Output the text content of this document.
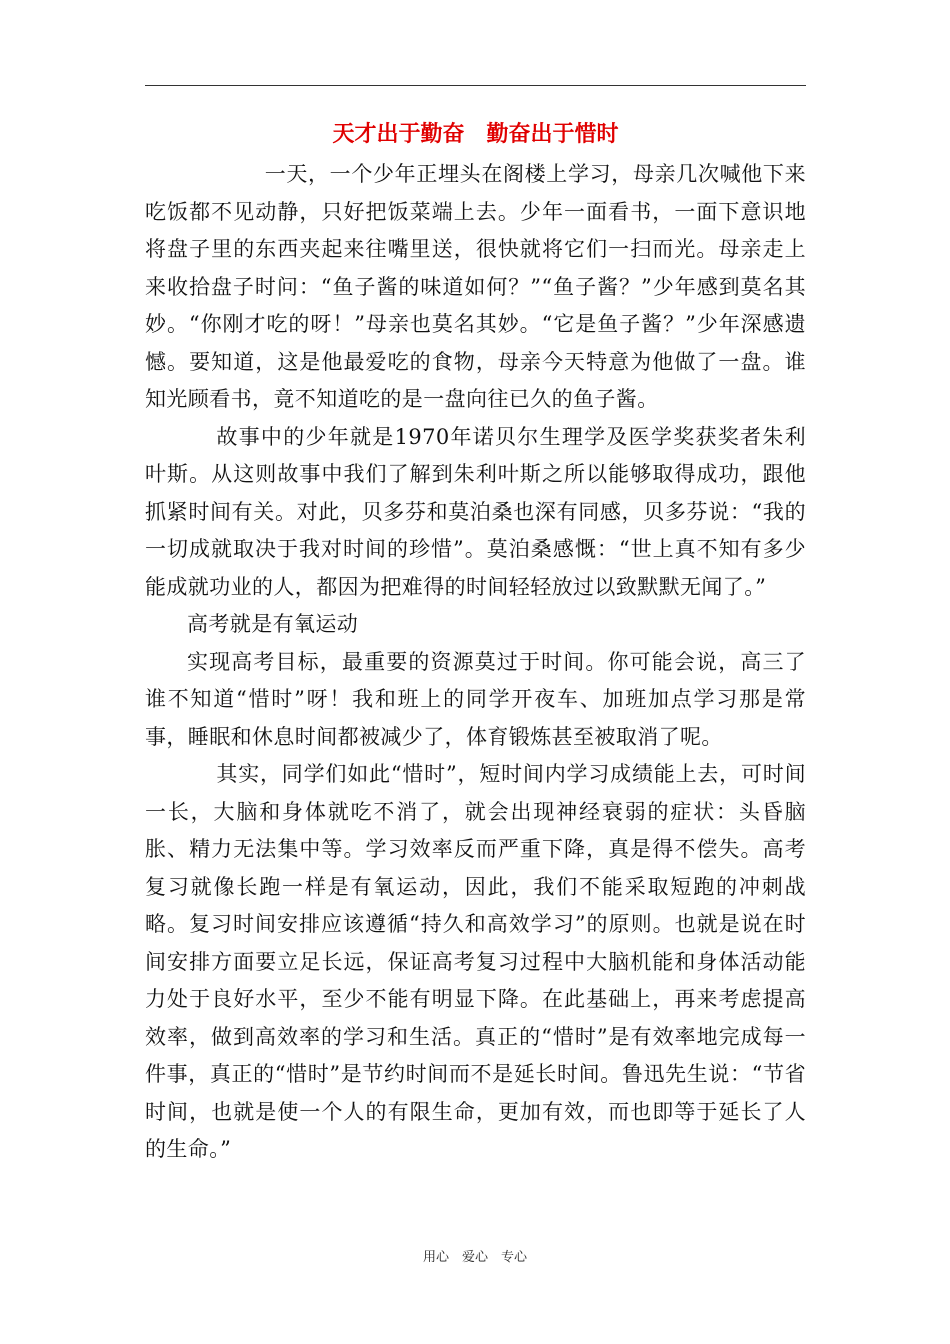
天才出于勤奋　勤奋出于惜时

一天，一个少年正埋头在阁楼上学习，母亲几次喊他下来吃饭都不见动静，只好把饭菜端上去。少年一面看书，一面下意识地将盘子里的东西夹起来往嘴里送，很快就将它们一扫而光。母亲走上来收拾盘子时问：“鱼子酱的味道如何？”“鱼子酱？”少年感到莫名其妙。“你刚才吃的呀！”母亲也莫名其妙。“它是鱼子酱？”少年深感遗憾。要知道，这是他最爱吃的食物，母亲今天特意为他做了一盘。谁知光顾看书，竟不知道吃的是一盘向往已久的鱼子酱。

故事中的少年就是1970年诺贝尔生理学及医学奖获奖者朱利叶斯。从这则故事中我们了解到朱利叶斯之所以能够取得成功，跟他抓紧时间有关。对此，贝多芬和莫泊桑也深有同感，贝多芬说：“我的一切成就取决于我对时间的珍惜”。莫泊桑感慨：“世上真不知有多少能成就功业的人，都因为把难得的时间轻轻放过以致默默无闻了。”

高考就是有氧运动

实现高考目标，最重要的资源莫过于时间。你可能会说，高三了谁不知道“惜时”呀！我和班上的同学开夜车、加班加点学习那是常事，睡眠和休息时间都被减少了，体育锻炼甚至被取消了呢。

其实，同学们如此“惜时”，短时间内学习成绩能上去，可时间一长，大脑和身体就吃不消了，就会出现神经衰弱的症状：头昏脑胀、精力无法集中等。学习效率反而严重下降，真是得不偿失。高考复习就像长跑一样是有氧运动，因此，我们不能采取短跑的冲刺战略。复习时间安排应该遵循“持久和高效学习”的原则。也就是说在时间安排方面要立足长远，保证高考复习过程中大脑机能和身体活动能力处于良好水平，至少不能有明显下降。在此基础上，再来考虑提高效率，做到高效率的学习和生活。真正的“惜时”是有效率地完成每一件事，真正的“惜时”是节约时间而不是延长时间。鲁迅先生说：“节省时间，也就是使一个人的有限生命，更加有效，而也即等于延长了人的生命。”

用心　爱心　专心
